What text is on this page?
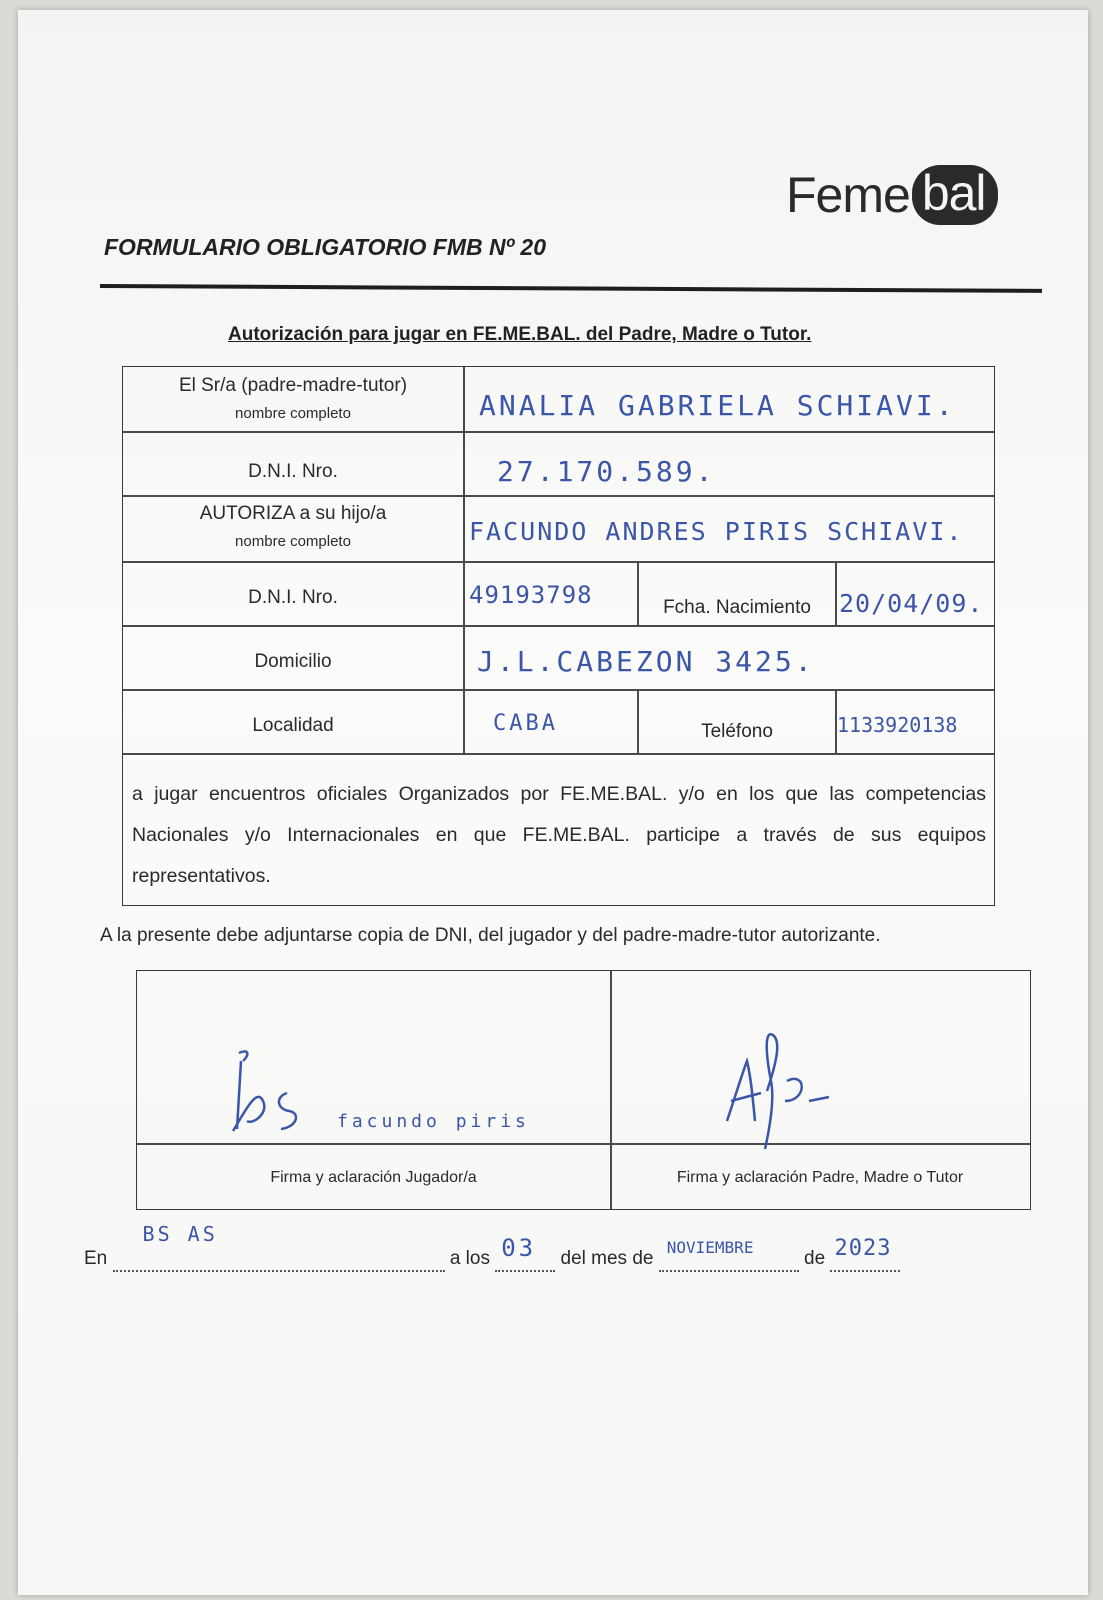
Feme bal
FORMULARIO OBLIGATORIO FMB Nº 20
Autorización para jugar en FE.ME.BAL. del Padre, Madre o Tutor.
El Sr/a (padre-madre-tutor)
nombre completo	ANALIA GABRIELA SCHIAVI.
D.N.I. Nro.	27.170.589.
AUTORIZA a su hijo/a
nombre completo	FACUNDO ANDRES PIRIS SCHIAVI.
D.N.I. Nro.	49193798	Fcha. Nacimiento	20/04/09.
Domicilio	J.L.CABEZON 3425.
Localidad	CABA	Teléfono	1133920138
a jugar encuentros oficiales Organizados por FE.ME.BAL. y/o en los que las competencias Nacionales y/o Internacionales en que FE.ME.BAL. participe a través de sus equipos representativos.
A la presente debe adjuntarse copia de DNI, del jugador y del padre-madre-tutor autorizante.
facundo piris
Firma y aclaración Jugador/a	Firma y aclaración Padre, Madre o Tutor
En
BS AS
a los 03 del mes de
NOVIEMBRE
de 2023
